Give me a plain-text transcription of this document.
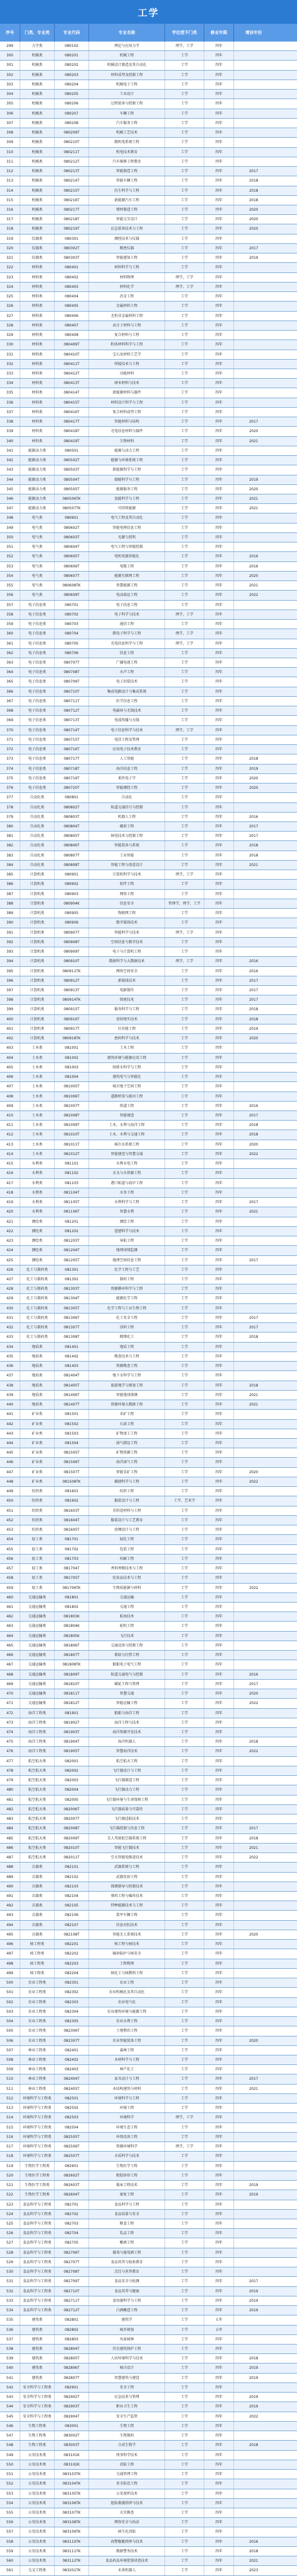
工学
序号	门类、专业类	专业代码	专业名称	学位授予门类	修业年限	增设年份
299	力学类	080102	理论与应用力学	理学，工学	四年
300	机械类	080201	机械工程	工学	四年
301	机械类	080202	机械设计制造及其自动化	工学	四年
302	机械类	080203	材料成型及控制工程	工学	四年
303	机械类	080204	机械电子工程	工学	四年
304	机械类	080205	工业设计	工学	四年
305	机械类	080206	过程装备与控制工程	工学	四年
306	机械类	080207	车辆工程	工学	四年
307	机械类	080208	汽车服务工程	工学	四年
308	机械类	080209T	机械工艺技术	工学	四年
309	机械类	080210T	微机电系统工程	工学	四年
310	机械类	080211T	机电技术教育	工学	四年
311	机械类	080212T	汽车维修工程教育	工学	四年
312	机械类	080213T	智能制造工程	工学	四年	2017
313	机械类	080214T	智能车辆工程	工学	四年	2018
314	机械类	080215T	仿生科学与工程	工学	四年	2018
315	机械类	080216T	新能源汽车工程	工学	四年	2018
316	机械类	080217T	增材制造工程	工学	四年	2020
317	机械类	080218T	智能交互设计	工学	四年	2020
318	机械类	080219T	应急装备技术与工程	工学	四年	2020
319	仪器类	080301	测控技术与仪器	工学	四年
320	仪器类	080302T	精密仪器	工学	四年	2017
321	仪器类	080303T	智能感知工程	工学	四年	2019
322	材料类	080401	材料科学与工程	工学	四年
323	材料类	080402	材料物理	理学，工学	四年
324	材料类	080403	材料化学	理学，工学	四年
325	材料类	080404	冶金工程	工学	四年
326	材料类	080405	金属材料工程	工学	四年
327	材料类	080406	无机非金属材料工程	工学	四年
328	材料类	080407	高分子材料与工程	工学	四年
329	材料类	080408	复合材料与工程	工学	四年
330	材料类	080409T	粉体材料科学与工程	工学	四年
331	材料类	080410T	宝石及材料工艺学	工学	四年
332	材料类	080411T	焊接技术与工程	工学	四年
333	材料类	080412T	功能材料	工学	四年
334	材料类	080413T	纳米材料与技术	工学	四年
335	材料类	080414T	新能源材料与器件	工学	四年
336	材料类	080415T	材料设计科学与工程	工学	四年
337	材料类	080416T	复合材料成型工程	工学	四年
338	材料类	080417T	智能材料与结构	工学	四年	2017
339	材料类	080418T	光电信息材料与器件	工学	四年	2020
340	材料类	080419T	生物材料	工学	四年	2021
341	能源动力类	080501	能源与动力工程	工学	四年
342	能源动力类	080502T	能源与环境系统工程	工学	四年
343	能源动力类	080503T	新能源科学与工程	工学	四年
344	能源动力类	080504T	储能科学与工程	工学	四年	2019
345	能源动力类	080505T	能源服务工程	工学	四年	2020
346	能源动力类	080506TK	氢能科学与工程	工学	四年	2021
347	能源动力类	080507TK	可持续能源	工学	四年	2021
348	电气类	080601	电气工程及其自动化	工学	四年
349	电气类	080602T	智能电网信息工程	工学	四年
350	电气类	080603T	光源与照明	工学	四年
351	电气类	080604T	电气工程与智能控制	工学	四年
352	电气类	080605T	电机电器智能化	工学	四年	2016
353	电气类	080606T	电缆工程	工学	四年	2016
354	电气类	080607T	能源互联网工程	工学	四年	2020
355	电气类	080608TK	智慧能源工程	工学	四年	2021
356	电气类	080609T	电动载运工程	工学	四年	2022
357	电子信息类	080701	电子信息工程	工学	四年
358	电子信息类	080702	电子科学与技术	理学，工学	四年
359	电子信息类	080703	通信工程	工学	四年
360	电子信息类	080704	微电子科学与工程	理学，工学	四年
361	电子信息类	080705	光电信息科学与工程	理学，工学	四年
362	电子信息类	080706	信息工程	工学	四年
363	电子信息类	080707T	广播电视工程	工学	四年
364	电子信息类	080708T	水声工程	工学	四年
365	电子信息类	080709T	电子封装技术	工学	四年
366	电子信息类	080710T	集成电路设计与集成系统	工学	四年
367	电子信息类	080711T	医学信息工程	工学	四年
368	电子信息类	080712T	电磁场与无线技术	工学	四年
369	电子信息类	080713T	电波传播与天线	工学	四年
370	电子信息类	080714T	电子信息科学与技术	理学，工学	四年
371	电子信息类	080715T	电信工程及管理	工学	四年
372	电子信息类	080716T	应用电子技术教育	工学	四年
373	电子信息类	080717T	人工智能	工学	四年	2018
374	电子信息类	080718T	海洋信息工程	工学	四年	2019
375	电子信息类	080719T	柔性电子学	工学	四年	2020
376	电子信息类	080720T	智能测控工程	工学	四年	2020
377	自动化类	080801	自动化	工学	四年
378	自动化类	080802T	轨道交通信号与控制	工学	四年
379	自动化类	080803T	机器人工程	工学	四年	2016
380	自动化类	080804T	邮政工程	工学	四年	2017
381	自动化类	080805T	核电技术与控制工程	工学	四年	2017
382	自动化类	080806T	智能装备与系统	工学	四年	2018
383	自动化类	080807T	工业智能	工学	四年	2018
384	自动化类	080808T	智能工程与创意设计	工学	四年	2021
385	计算机类	080901	计算机科学与技术	理学，工学	四年
386	计算机类	080902	软件工程	工学	四年
387	计算机类	080903	网络工程	工学	四年
388	计算机类	080904K	信息安全	管理学，理学，工学	四年
389	计算机类	080905	物联网工程	工学	四年
390	计算机类	080906	数字媒体技术	工学	四年
391	计算机类	080907T	智能科学与技术	理学，工学	四年
392	计算机类	080908T	空间信息与数字技术	工学	四年
393	计算机类	080909T	电子与计算机工程	工学	四年
394	计算机类	080910T	数据科学与大数据技术	理学，工学	四年	2016
395	计算机类	080911TK	网络空间安全	工学	四年	2016
396	计算机类	080912T	新媒体技术	工学	四年	2017
397	计算机类	080913T	电影制作	工学	四年	2017
398	计算机类	080914TK	保密技术	工学	四年	2017
399	计算机类	080915T	服务科学与工程	工学	四年	2018
400	计算机类	080916T	虚拟现实技术	工学	四年	2018
401	计算机类	080917T	区块链工程	工学	四年	2019
402	计算机类	080918TK	密码科学与技术	工学	四年	2020
403	土木类	081001	土木工程	工学	四年
404	土木类	081002	建筑环境与能源应用工程	工学	四年
405	土木类	081003	给排水科学与工程	工学	四年
406	土木类	081004	建筑电气与智能化	工学	四年
407	土木类	081005T	城市地下空间工程	工学	四年
408	土木类	081006T	道路桥梁与渡河工程	工学	四年
409	土木类	081007T	铁道工程	工学	四年	2016
410	土木类	081008T	智能建造	工学	四年	2017
411	土木类	081009T	土木、水利与海洋工程	工学	四年	2018
412	土木类	081010T	土木、水利与交通工程	工学	四年	2018
413	土木类	081011T	城市水系统工程	工学	四年	2020
414	土木类	081012T	智能建造与智慧交通	工学	四年	2022
415	水利类	081101	水利水电工程	工学	四年
416	水利类	081102	水文与水资源工程	工学	四年
417	水利类	081103	港口航道与海岸工程	工学	四年
418	水利类	081104T	水务工程	工学	四年
419	水利类	081105T	水利科学与工程	工学	四年	2017
420	水利类	081106T	智慧水利	工学	四年	2021
421	测绘类	081201	测绘工程	工学	四年
422	测绘类	081202	遥感科学与技术	工学	四年
423	测绘类	081203T	导航工程	工学	四年
424	测绘类	081204T	地理国情监测	工学	四年
425	测绘类	081205T	地理空间信息工程	工学	四年	2017
426	化工与制药类	081301	化学工程与工艺	工学	四年
427	化工与制药类	081302	制药工程	工学	四年
428	化工与制药类	081303T	资源循环科学与工程	工学	四年
429	化工与制药类	081304T	能源化学工程	工学	四年
430	化工与制药类	081305T	化学工程与工业生物工程	工学	四年
431	化工与制药类	081306T	化工安全工程	工学	四年	2017
432	化工与制药类	081307T	涂料工程	工学	四年	2017
433	化工与制药类	081308T	精细化工	工学	四年	2018
434	地质类	081401	地质工程	工学	四年
435	地质类	081402	勘查技术与工程	工学	四年
436	地质类	081403	资源勘查工程	工学	四年
437	地质类	081404T	地下水科学与工程	工学	四年
438	地质类	081405T	旅游地学与规划工程	工学	四年	2018
439	地质类	081406T	智能地球探测	工学	四年	2021
440	地质类	081407T	资源环境大数据工程	工学	四年	2021
441	矿业类	081501	采矿工程	工学	四年
442	矿业类	081502	石油工程	工学	四年
443	矿业类	081503	矿物加工工程	工学	四年
444	矿业类	081504	油气储运工程	工学	四年
445	矿业类	081505T	矿物资源工程	工学	四年
446	矿业类	081506T	海洋油气工程	工学	四年
447	矿业类	081507T	智能采矿工程	工学	四年	2020
448	矿业类	081508TK	碳储科学与工程	工学	四年	2022
449	纺织类	081601	纺织工程	工学	四年
450	纺织类	081602	服装设计与工程	工学，艺术学	四年
451	纺织类	081603T	非织造材料与工程	工学	四年
452	纺织类	081604T	服装设计与工艺教育	工学	四年
453	纺织类	081605T	丝绸设计与工程	工学	四年
454	轻工类	081701	轻化工程	工学	四年
455	轻工类	081702	包装工程	工学	四年
456	轻工类	081703	印刷工程	工学	四年
457	轻工类	081704T	香料香精技术与工程	工学	四年
458	轻工类	081705T	化妆品技术与工程	工学	四年
459	轻工类	081706TK	生物质能源与材料	工学	四年	2022
460	交通运输类	081801	交通运输	工学	四年
461	交通运输类	081802	交通工程	工学	四年
462	交通运输类	081803K	航海技术	工学	四年
463	交通运输类	081804K	轮机工程	工学	四年
464	交通运输类	081805K	飞行技术	工学	四年
465	交通运输类	081806T	交通设备与控制工程	工学	四年
466	交通运输类	081807T	救助与打捞工程	工学	四年
467	交通运输类	081808TK	船舶电子电气工程	工学	四年
468	交通运输类	081809T	轨道交通电气与控制	工学	四年	2016
469	交通运输类	081810T	邮轮工程与管理	工学	四年	2017
470	交通运输类	081811T	智慧交通	工学	四年	2020
471	交通运输类	081812T	智能运输工程	工学	四年	2022
472	海洋工程类	081901	船舶与海洋工程	工学	四年
473	海洋工程类	081902T	海洋工程与技术	工学	四年
474	海洋工程类	081903T	海洋资源开发技术	工学	四年
475	海洋工程类	081904T	海洋机器人	工学	四年	2018
476	海洋工程类	081905T	智慧海洋技术	工学	四年	2022
477	航空航天类	082001	航空航天工程	工学	四年
478	航空航天类	082002	飞行器设计与工程	工学	四年
479	航空航天类	082003	飞行器制造工程	工学	四年
480	航空航天类	082004	飞行器动力工程	工学	四年
481	航空航天类	082005	飞行器环境与生命保障工程	工学	四年
482	航空航天类	082006T	飞行器质量与可靠性	工学	四年
483	航空航天类	082007T	飞行器适航技术	工学	四年
484	航空航天类	082008T	飞行器控制与信息工程	工学	四年	2017
485	航空航天类	082009T	无人驾驶航空器系统工程	工学	四年	2018
486	航空航天类	082010T	智能飞行器技术	工学	四年	2021
487	航空航天类	082011T	空天智能电推进技术	工学	四年	2022
488	兵器类	082101	武器系统与工程	工学	四年
489	兵器类	082102	武器发射工程	工学	四年
490	兵器类	082103	探测制导与控制技术	工学	四年
491	兵器类	082104	弹药工程与爆炸技术	工学	四年
492	兵器类	082105	特种能源技术与工程	工学	四年
493	兵器类	082106	装甲车辆工程	工学	四年
494	兵器类	082107	信息对抗技术	工学	四年
495	兵器类	082108T	智能无人系统技术	工学	四年	2020
496	核工程类	082201	核工程与核技术	工学	四年
497	核工程类	082202	辐射防护与核安全	工学	四年
498	核工程类	082203	工程物理	工学	四年
499	核工程类	082204	核化工与核燃料工程	工学	四年
500	农业工程类	082301	农业工程	工学	四年
501	农业工程类	082302	农业机械化及其自动化	工学	四年
502	农业工程类	082303	农业电气化	工学	四年
503	农业工程类	082304	农业建筑环境与能源工程	工学	四年
504	农业工程类	082305	农业水利工程	工学	四年
505	农业工程类	082306T	土地整治工程	工学	四年
506	农业工程类	082307T	农业智能装备工程	工学	四年	2020
507	林业工程类	082401	森林工程	工学	四年
508	林业工程类	082402	木材科学与工程	工学	四年
509	林业工程类	082403	林产化工	工学	四年
510	林业工程类	082404T	家具设计与工程	工学	四年	2017
511	林业工程类	082405T	木结构建筑与材料	工学	四年	2021
512	环境科学与工程类	082501	环境科学与工程	工学	四年
513	环境科学与工程类	082502	环境工程	工学	四年
514	环境科学与工程类	082503	环境科学	理学，工学	四年
515	环境科学与工程类	082504	环境生态工程	工学	四年
516	环境科学与工程类	082505T	环保设备工程	工学	四年
517	环境科学与工程类	082506T	资源环境科学	理学，工学	四年
518	环境科学与工程类	082507T	水质科学与技术	工学	四年
519	生物医学工程类	082601	生物医学工程	工学	四年
520	生物医学工程类	082602T	假肢矫形工程	工学	四年
521	生物医学工程类	082603T	临床工程技术	工学	四年	2019
522	生物医学工程类	082604T	康复工程	工学	四年	2019
523	食品科学与工程类	082701	食品科学与工程	工学	四年
524	食品科学与工程类	082702	食品质量与安全	工学	四年
525	食品科学与工程类	082703	粮食工程	工学	四年
526	食品科学与工程类	082704	乳品工程	工学	四年
527	食品科学与工程类	082705	酿酒工程	工学	四年
528	食品科学与工程类	082706T	葡萄与葡萄酒工程	工学	四年
529	食品科学与工程类	082707T	食品营养与检验教育	工学	四年
530	食品科学与工程类	082708T	烹饪与营养教育	工学	四年
531	食品科学与工程类	082709T	食品安全与检测	工学	四年	2017
532	食品科学与工程类	082710T	食品营养与健康	工学	四年	2019
533	食品科学与工程类	082711T	食用菌科学与工程	工学	四年	2019
534	食品科学与工程类	082712T	白酒酿造工程	工学	四年	2019
535	建筑类	082801	建筑学	工学	五年
536	建筑类	082802	城乡规划	工学	五年
537	建筑类	082803	风景园林	工学	四年
538	建筑类	082804T	历史建筑保护工程	工学	四年
539	建筑类	082805T	人居环境科学与技术	工学	四年	2018
540	建筑类	082806T	城市设计	工学	四年	2019
541	建筑类	082807T	智慧建筑与建造	工学	四年	2019
542	安全科学与工程类	082901	安全工程	工学	四年
543	安全科学与工程类	082902T	应急技术与管理	工学	四年	2019
544	安全科学与工程类	082903T	职业卫生工程	工学	四年	2019
545	安全科学与工程类	082904T	安全生产监管	工学	四年	2022
546	生物工程类	083001	生物工程	工学	四年
547	生物工程类	083002T	生物制药	工学	四年
548	生物工程类	083003T	合成生物学	工学	四年	2018
549	公安技术类	083101K	刑事科学技术	工学	四年
550	公安技术类	083102K	消防工程	工学	四年
551	公安技术类	083103TK	交通管理工程	工学	四年
552	公安技术类	083104TK	安全防范工程	工学	四年
553	公安技术类	083105TK	公安视听技术	工学	四年
554	公安技术类	083106TK	抢险救援指挥与技术	工学	四年
555	公安技术类	083107TK	火灾勘查	工学	四年
556	公安技术类	083108TK	网络安全与执法	工学	四年
557	公安技术类	083109TK	核生化消防	工学	四年
558	公安技术类	083110TK	海警舰艇指挥与技术	工学	四年	2016
559	公安技术类	083111TK	数据警务技术	工学	四年	2018
560	公安技术类	083112TK	食品药品环境犯罪侦查技术	工学	四年	2021
561	交叉工程类	083201TK	未来机器人	工学	四年	2023
